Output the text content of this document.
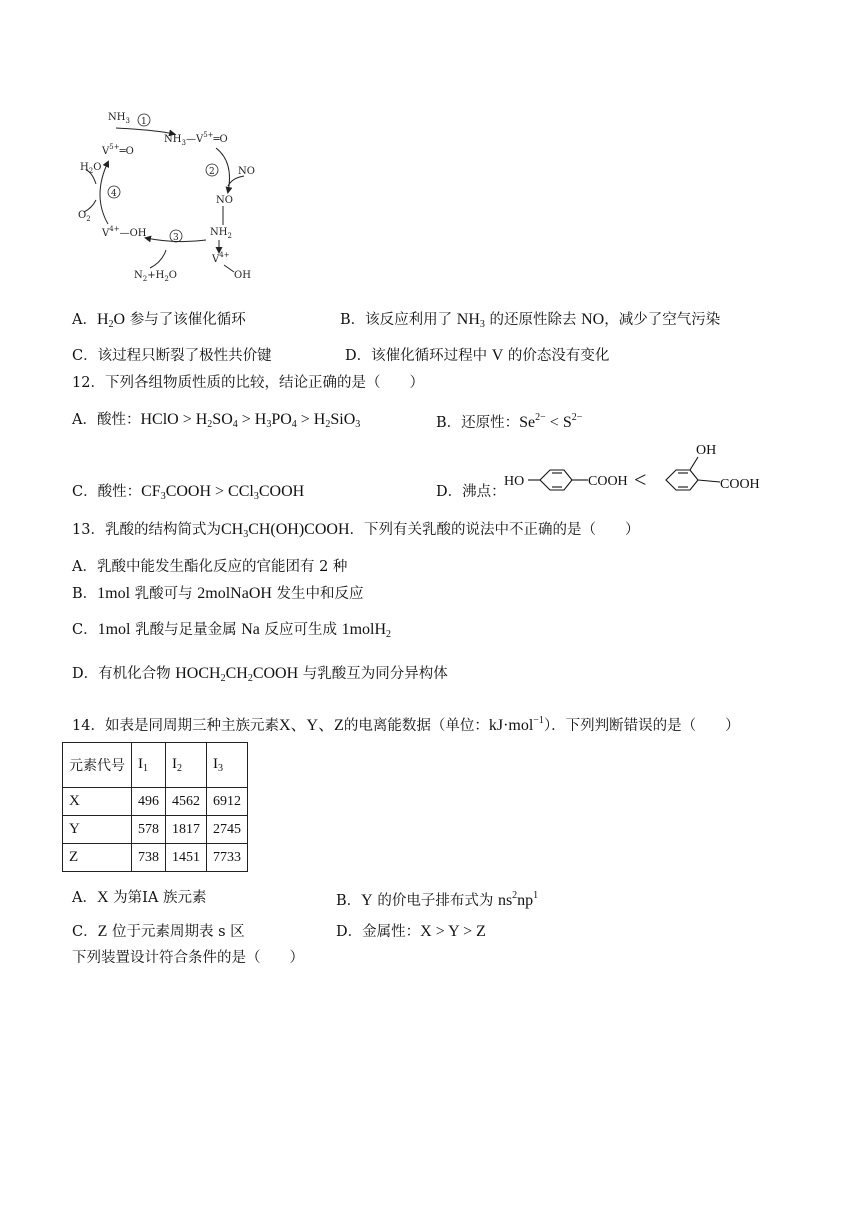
$NH_3$ 1
$NH_3—V^{5+}═O$
$V^{5+}═O$
$H_2O$	2 NO
4
NO
$O_2$
$V^{4+}—OH$	$NH_2$
3
$V^{4+}$
OH
$N_2+H_2O$
A．$H_2O$ 参与了该催化循环	B．该反应利用了 $NH_3$ 的还原性除去 NO，减少了空气污染
C．该过程只断裂了极性共价键	D．该催化循环过程中 V 的价态没有变化
12．下列各组物质性质的比较，结论正确的是（　　）
A．酸性：HClO > $H_2SO_4 > H_3PO_4 > H_2SiO_3$	B．还原性：$Se^{2-} < S^{2-}$
C．酸性：$CF_3COOH$ > CCl$_3$COOH	D．沸点：
HO	COOH <
OH
COOH
13．乳酸的结构简式为$CH_3CH(OH)COOH$．下列有关乳酸的说法中不正确的是（　　）
A．乳酸中能发生酯化反应的官能团有 2 种
B．1mol 乳酸可与 2molNaOH 发生中和反应
C．1mol 乳酸与足量金属 Na 反应可生成 1molH$_2$
D．有机化合物 $HOCH_2CH_2COOH$ 与乳酸互为同分异构体
14．如表是同周期三种主族元素X、Y、Z的电离能数据（单位：kJ·mol$^{-1}$）．下列判断错误的是（　　）
元素代号	$I_1$	$I_2$	$I_3$
X	496	4562	6912
Y	578	1817	2745
Z	738	1451	7733
A．X 为第ⅠA 族元素	B．Y 的价电子排布式为 $ns^2np^1$
C．Z 位于元素周期表 s 区	D．金属性：X > Y > Z
下列装置设计符合条件的是（　　）
